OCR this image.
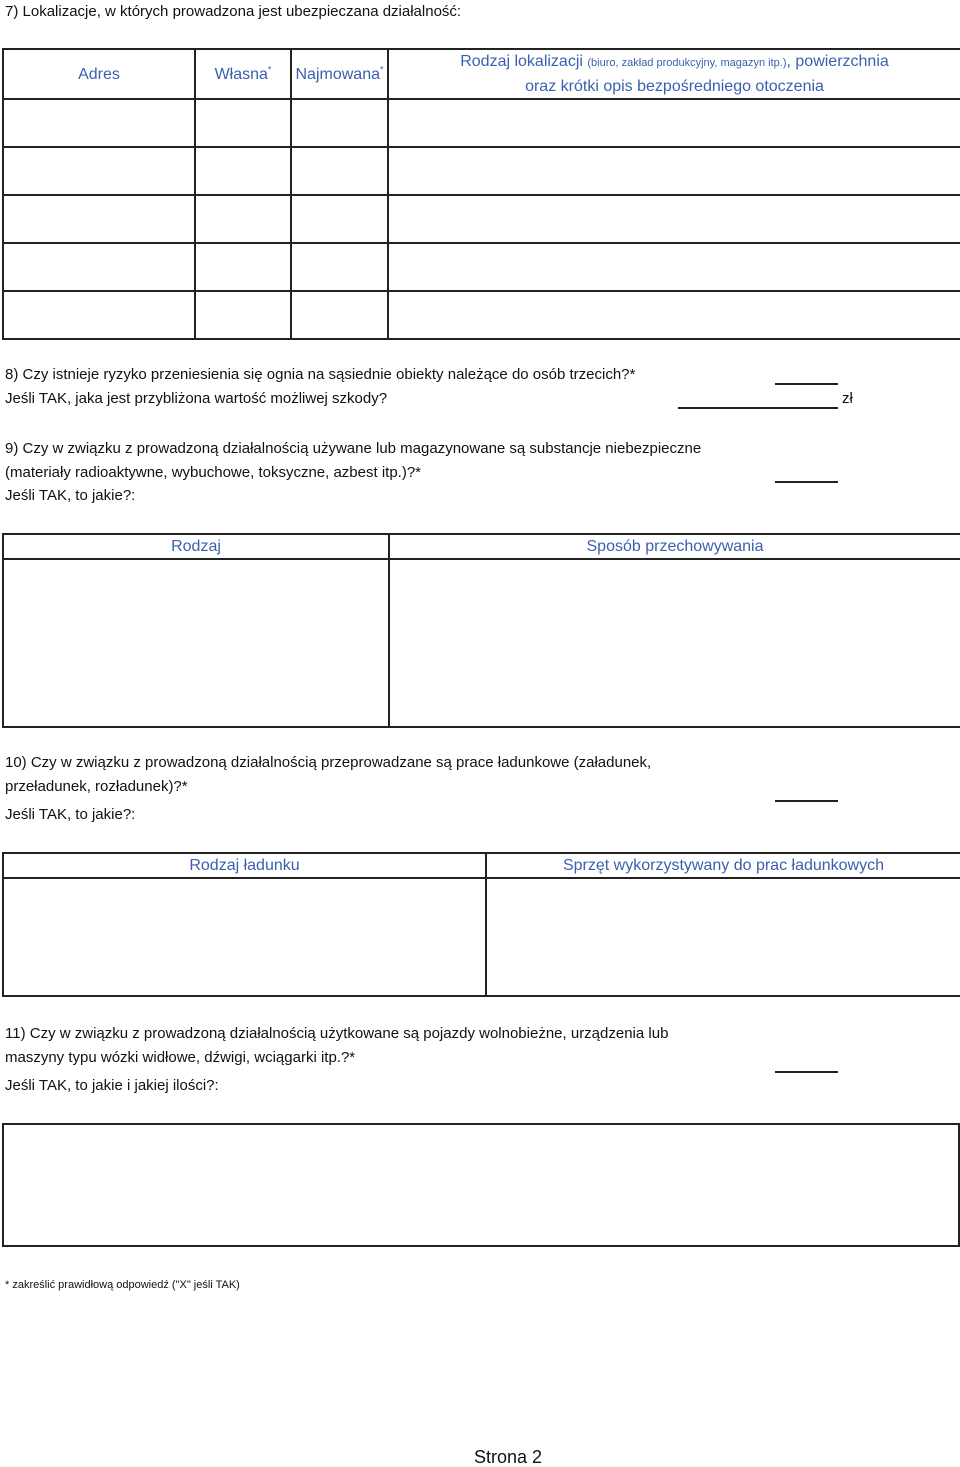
7) Lokalizacje, w których prowadzona jest ubezpieczana działalność:
Adres	Własna*	Najmowana*	Rodzaj lokalizacji (biuro, zakład produkcyjny, magazyn itp.), powierzchnia
oraz krótki opis bezpośredniego otoczenia

8) Czy istnieje ryzyko przeniesienia się ognia na sąsiednie obiekty należące do osób trzecich?*
Jeśli TAK, jaka jest przybliżona wartość możliwej szkody?	zł
9) Czy w związku z prowadzoną działalnością używane lub magazynowane są substancje niebezpieczne
(materiały radioaktywne, wybuchowe, toksyczne, azbest itp.)?*
Jeśli TAK, to jakie?:
Rodzaj	Sposób przechowywania

10) Czy w związku z prowadzoną działalnością przeprowadzane są prace ładunkowe (załadunek,
przeładunek, rozładunek)?*
Jeśli TAK, to jakie?:
Rodzaj ładunku	Sprzęt wykorzystywany do prac ładunkowych

11) Czy w związku z prowadzoną działalnością użytkowane są pojazdy wolnobieżne, urządzenia lub
maszyny typu wózki widłowe, dźwigi, wciągarki itp.?*
Jeśli TAK, to jakie i jakiej ilości?:
* zakreślić prawidłową odpowiedź ("X" jeśli TAK)
Strona 2
